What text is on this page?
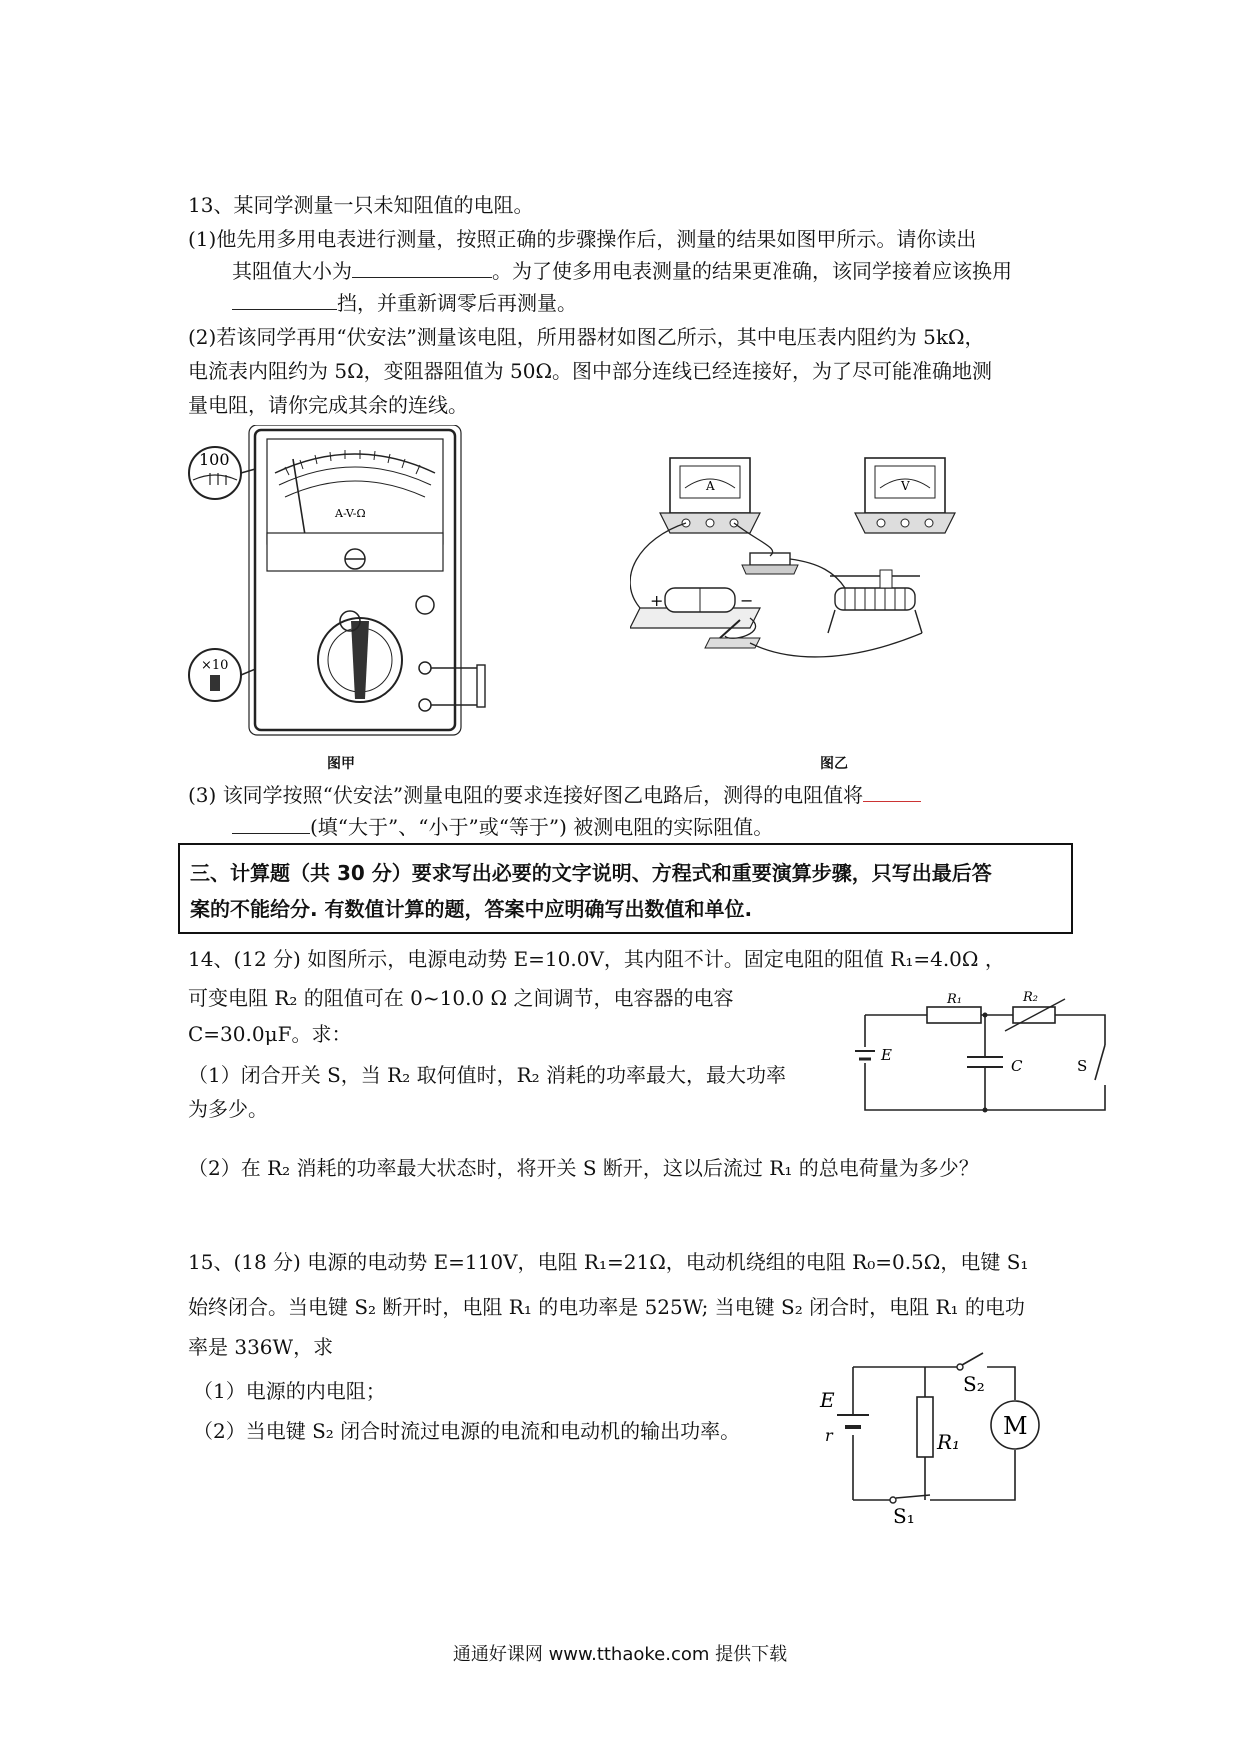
13、某同学测量一只未知阻值的电阻。
(1)他先用多用电表进行测量，按照正确的步骤操作后，测量的结果如图甲所示。请你读出
其阻值大小为	。为了使多用电表测量的结果更准确，该同学接着应该换用
挡，并重新调零后再测量。
(2)若该同学再用“伏安法”测量该电阻，所用器材如图乙所示，其中电压表内阻约为 5kΩ，
电流表内阻约为 5Ω，变阻器阻值为 50Ω。图中部分连线已经连接好，为了尽可能准确地测
量电阻，请你完成其余的连线。
100
×10
A-V-Ω
图甲
A	V
+	−
图乙
(3) 该同学按照“伏安法”测量电阻的要求连接好图乙电路后，测得的电阻值将
(填“大于”、“小于”或“等于”) 被测电阻的实际阻值。
三、计算题（共 30 分）要求写出必要的文字说明、方程式和重要演算步骤，只写出最后答
案的不能给分. 有数值计算的题，答案中应明确写出数值和单位.
14、(12 分) 如图所示，电源电动势 E=10.0V，其内阻不计。固定电阻的阻值 R₁=4.0Ω ，
可变电阻 R₂ 的阻值可在 0~10.0 Ω 之间调节，电容器的电容
C=30.0μF。求：
（1）闭合开关 S，当 R₂ 取何值时，R₂ 消耗的功率最大，最大功率
为多少。
（2）在 R₂ 消耗的功率最大状态时，将开关 S 断开，这以后流过 R₁ 的总电荷量为多少？
R₁	R₂
E
C	S
15、(18 分) 电源的电动势 E=110V，电阻 R₁=21Ω，电动机绕组的电阻 R₀=0.5Ω，电键 S₁
始终闭合。当电键 S₂ 断开时，电阻 R₁ 的电功率是 525W; 当电键 S₂ 闭合时，电阻 R₁ 的电功
率是 336W，求
（1）电源的内电阻；
（2）当电键 S₂ 闭合时流过电源的电流和电动机的输出功率。	M
E
r	R₁
S₂
S₁
通通好课网 www.tthaoke.com 提供下载
